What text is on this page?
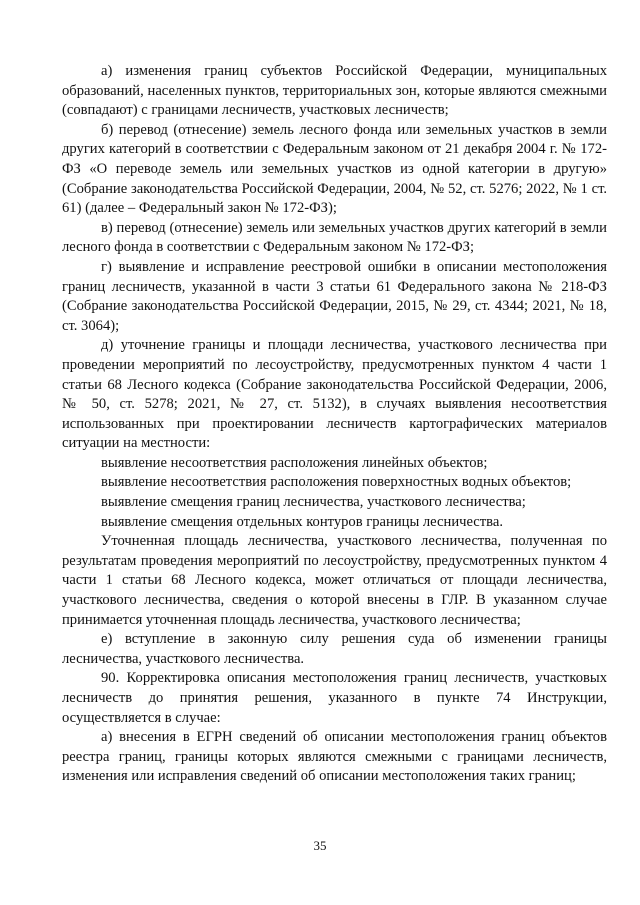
а) изменения границ субъектов Российской Федерации, муниципальных образований, населенных пунктов, территориальных зон, которые являются смежными (совпадают) с границами лесничеств, участковых лесничеств;

б) перевод (отнесение) земель лесного фонда или земельных участков в земли других категорий в соответствии с Федеральным законом от 21 декабря 2004 г. № 172-ФЗ «О переводе земель или земельных участков из одной категории в другую» (Собрание законодательства Российской Федерации, 2004, № 52, ст. 5276; 2022, № 1 ст. 61) (далее – Федеральный закон № 172-ФЗ);

в) перевод (отнесение) земель или земельных участков других категорий в земли лесного фонда в соответствии с Федеральным законом № 172-ФЗ;

г) выявление и исправление реестровой ошибки в описании местоположения границ лесничеств, указанной в части 3 статьи 61 Федерального закона № 218-ФЗ (Собрание законодательства Российской Федерации, 2015, № 29, ст. 4344; 2021, № 18, ст. 3064);

д) уточнение границы и площади лесничества, участкового лесничества при проведении мероприятий по лесоустройству, предусмотренных пунктом 4 части 1 статьи 68 Лесного кодекса (Собрание законодательства Российской Федерации, 2006, № 50, ст. 5278; 2021, № 27, ст. 5132), в случаях выявления несоответствия использованных при проектировании лесничеств картографических материалов ситуации на местности:

выявление несоответствия расположения линейных объектов;

выявление несоответствия расположения поверхностных водных объектов;

выявление смещения границ лесничества, участкового лесничества;

выявление смещения отдельных контуров границы лесничества.

Уточненная площадь лесничества, участкового лесничества, полученная по результатам проведения мероприятий по лесоустройству, предусмотренных пунктом 4 части 1 статьи 68 Лесного кодекса, может отличаться от площади лесничества, участкового лесничества, сведения о которой внесены в ГЛР. В указанном случае принимается уточненная площадь лесничества, участкового лесничества;

е) вступление в законную силу решения суда об изменении границы лесничества, участкового лесничества.

90. Корректировка описания местоположения границ лесничеств, участковых лесничеств до принятия решения, указанного в пункте 74 Инструкции, осуществляется в случае:

а) внесения в ЕГРН сведений об описании местоположения границ объектов реестра границ, границы которых являются смежными с границами лесничеств, изменения или исправления сведений об описании местоположения таких границ;

35
